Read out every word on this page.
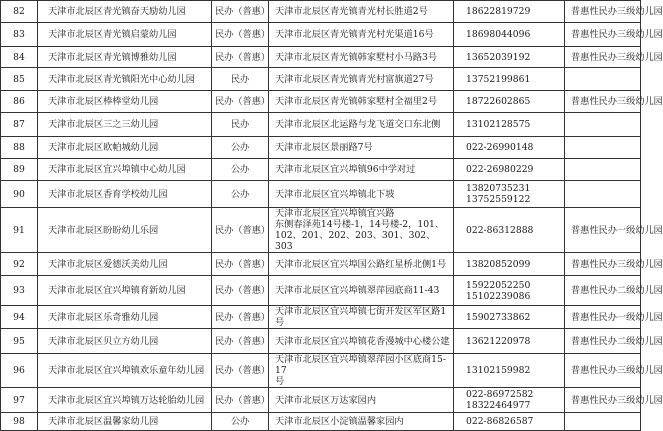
82	天津市北辰区青光镇奋天励幼儿园	民办（普惠）	天津市北辰区青光镇青光村长胜道2号	18622819729	普惠性民办三级幼儿园
83	天津市北辰区青光镇启蒙幼儿园	民办（普惠）	天津市北辰区青光镇青光村光渠道16号	18698044096	普惠性民办三级幼儿园
84	天津市北辰区青光镇博雅幼儿园	民办（普惠）	天津市北辰区青光镇韩家墅村小马路3号	13652039192	普惠性民办三级幼儿园
85	天津市北辰区青光镇阳光中心幼儿园	民办	天津市北辰区青光镇青光村富旗道27号	13752199861	

86	天津市北辰区棒棒堂幼儿园	民办（普惠）	天津市北辰区青光镇韩家墅村全福里2号	18722602865	普惠性民办三级幼儿园
87	天津市北辰区三之三幼儿园	民办	天津市北辰区北运路与龙飞道交口东北侧	13102128575	

88	天津市北辰区欧帕城幼儿园	公办	天津市北辰区景丽路7号	022-26990148	

89	天津市北辰区宜兴埠镇中心幼儿园	公办	天津市北辰区宜兴埠镇96中学对过	022-26980229	

90	天津市北辰区香育学校幼儿园	公办	天津市北辰区宜兴埠镇北下坡	13820735231
13752559122	

91	天津市北辰区盼盼幼儿乐园	民办（普惠）	天津市北辰区宜兴埠镇宜兴路
东侧春泽苑14号楼-1，14号楼-2，101、102、201、202、203、301、302、303	022-86312888	普惠性民办一级幼儿园
92	天津市北辰区爱德沃美幼儿园	民办（普惠）	天津市北辰区宜兴埠国公路红星桥北侧1号	13820852099	普惠性民办三级幼儿园
93	天津市北辰区宜兴埠镇育新幼儿园	民办（普惠）	天津市北辰区宜兴埠镇翠萍园底商11-43	15922052250
15102239086	普惠性民办二级幼儿园
94	天津市北辰区乐奇雅幼儿园	民办（普惠）	天津市北辰区宜兴埠镇七街开发区军区路1号	15902733862	普惠性民办一级幼儿园
95	天津市北辰区贝立方幼儿园	民办（普惠）	天津市北辰区宜兴埠镇花香漫城中心楼公建	13621220978	普惠性民办二级幼儿园
96	天津市北辰区宜兴埠镇欢乐童年幼儿园	民办（普惠）	天津市北辰区宜兴埠镇翠萍园小区底商15-17
号	13102159982	普惠性民办三级幼儿园
97	天津市北辰区宜兴埠镇万达轮胎幼儿园	民办（普惠）	天津市北辰区万达家园内	022-86972582
18322464977	普惠性民办三级幼儿园
98	天津市北辰区温馨家幼儿园	公办	天津市北辰区小淀镇温馨家园内	022-86826587	
